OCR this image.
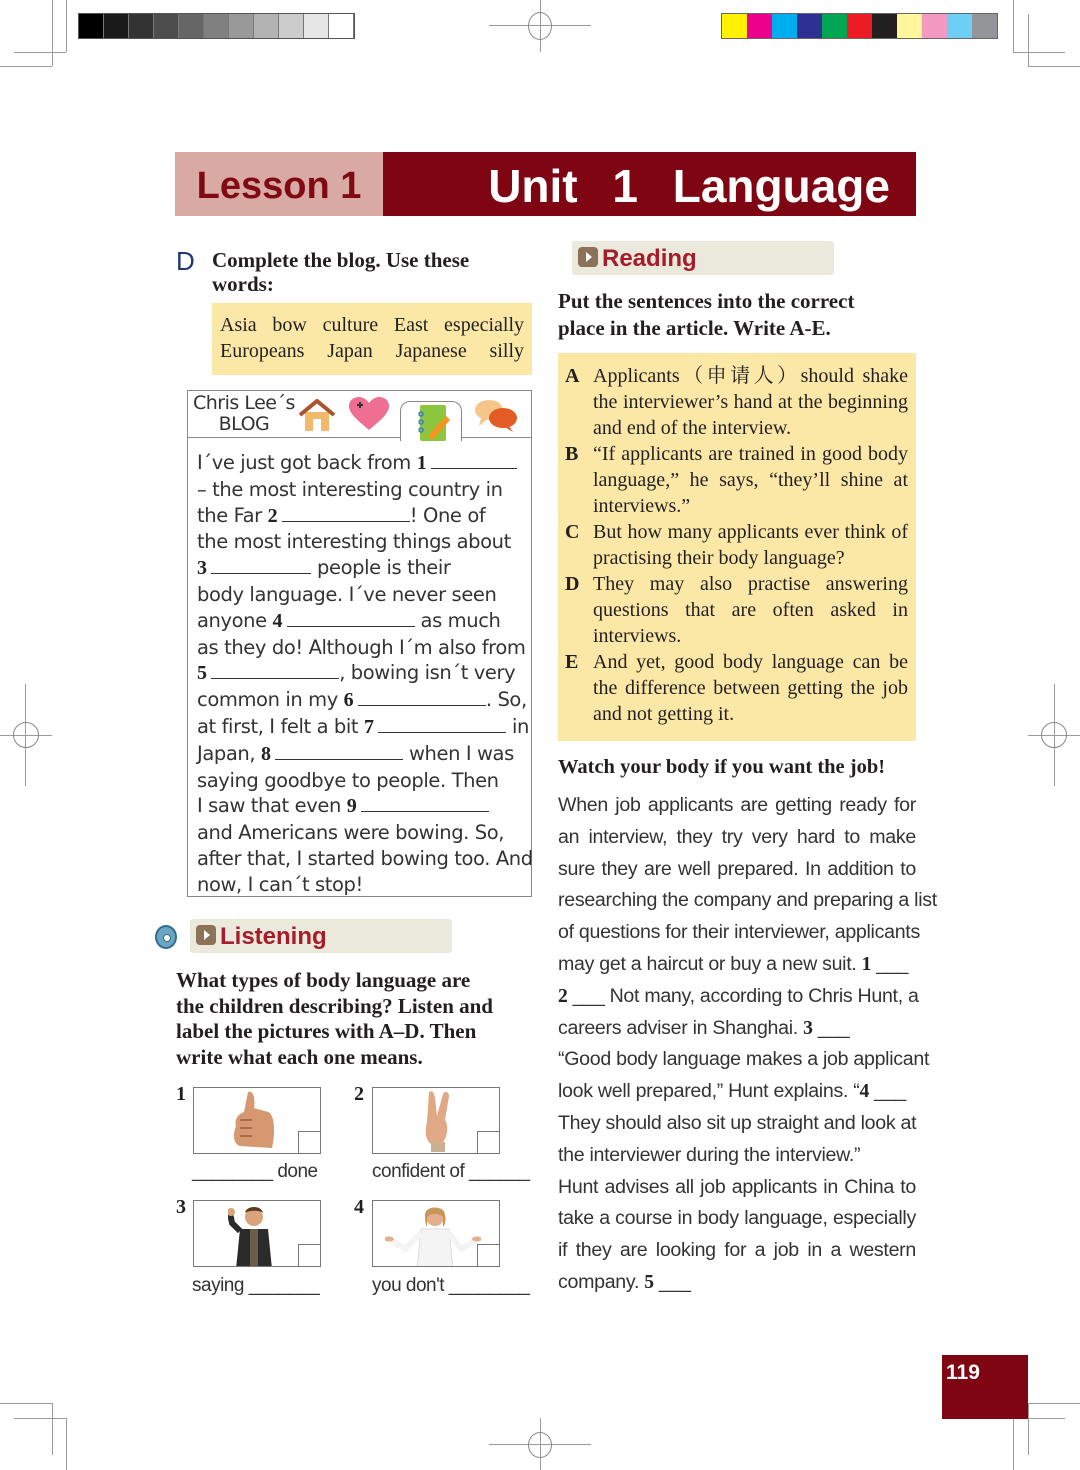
Lesson 1	Unit 1 Language
D Complete the blog. Use these words:
Asia bow culture East especially
Europeans Japan Japanese silly
Chris Lee´s
BLOG
I´ve just got back from 1
– the most interesting country in
the Far 2	! One of
the most interesting things about
3	people is their
body language. I´ve never seen
anyone 4	as much
as they do! Although I´m also from
5	, bowing isn´t very
common in my 6	. So,
at first, I felt a bit 7	in
Japan, 8	when I was
saying goodbye to people. Then
I saw that even 9
and Americans were bowing. So,
after that, I started bowing too. And
now, I can´t stop!
Listening
What types of body language are
the children describing? Listen and
label the pictures with A–D. Then
write what each one means.
1
________ done
2
confident of ______
3
saying _______
4
you don't ________
Reading
Put the sentences into the correct
place in the article. Write A-E.
A Applicants（申请人）should shake the interviewer’s hand at the beginning and end of the interview.
B “If applicants are trained in good body language,” he says, “they’ll shine at interviews.”
C But how many applicants ever think of practising their body language?
D They may also practise answering questions that are often asked in interviews.
E And yet, good body language can be the difference between getting the job and not getting it.
Watch your body if you want the job!
When job applicants are getting ready for
an interview, they try very hard to make
sure they are well prepared. In addition to
researching the company and preparing a list
of questions for their interviewer, applicants
may get a haircut or buy a new suit. 1 ___
2 ___ Not many, according to Chris Hunt, a
careers adviser in Shanghai. 3 ___
“Good body language makes a job applicant
look well prepared,” Hunt explains. “4 ___
They should also sit up straight and look at
the interviewer during the interview.”
Hunt advises all job applicants in China to
take a course in body language, especially
if they are looking for a job in a western
company. 5 ___
119
